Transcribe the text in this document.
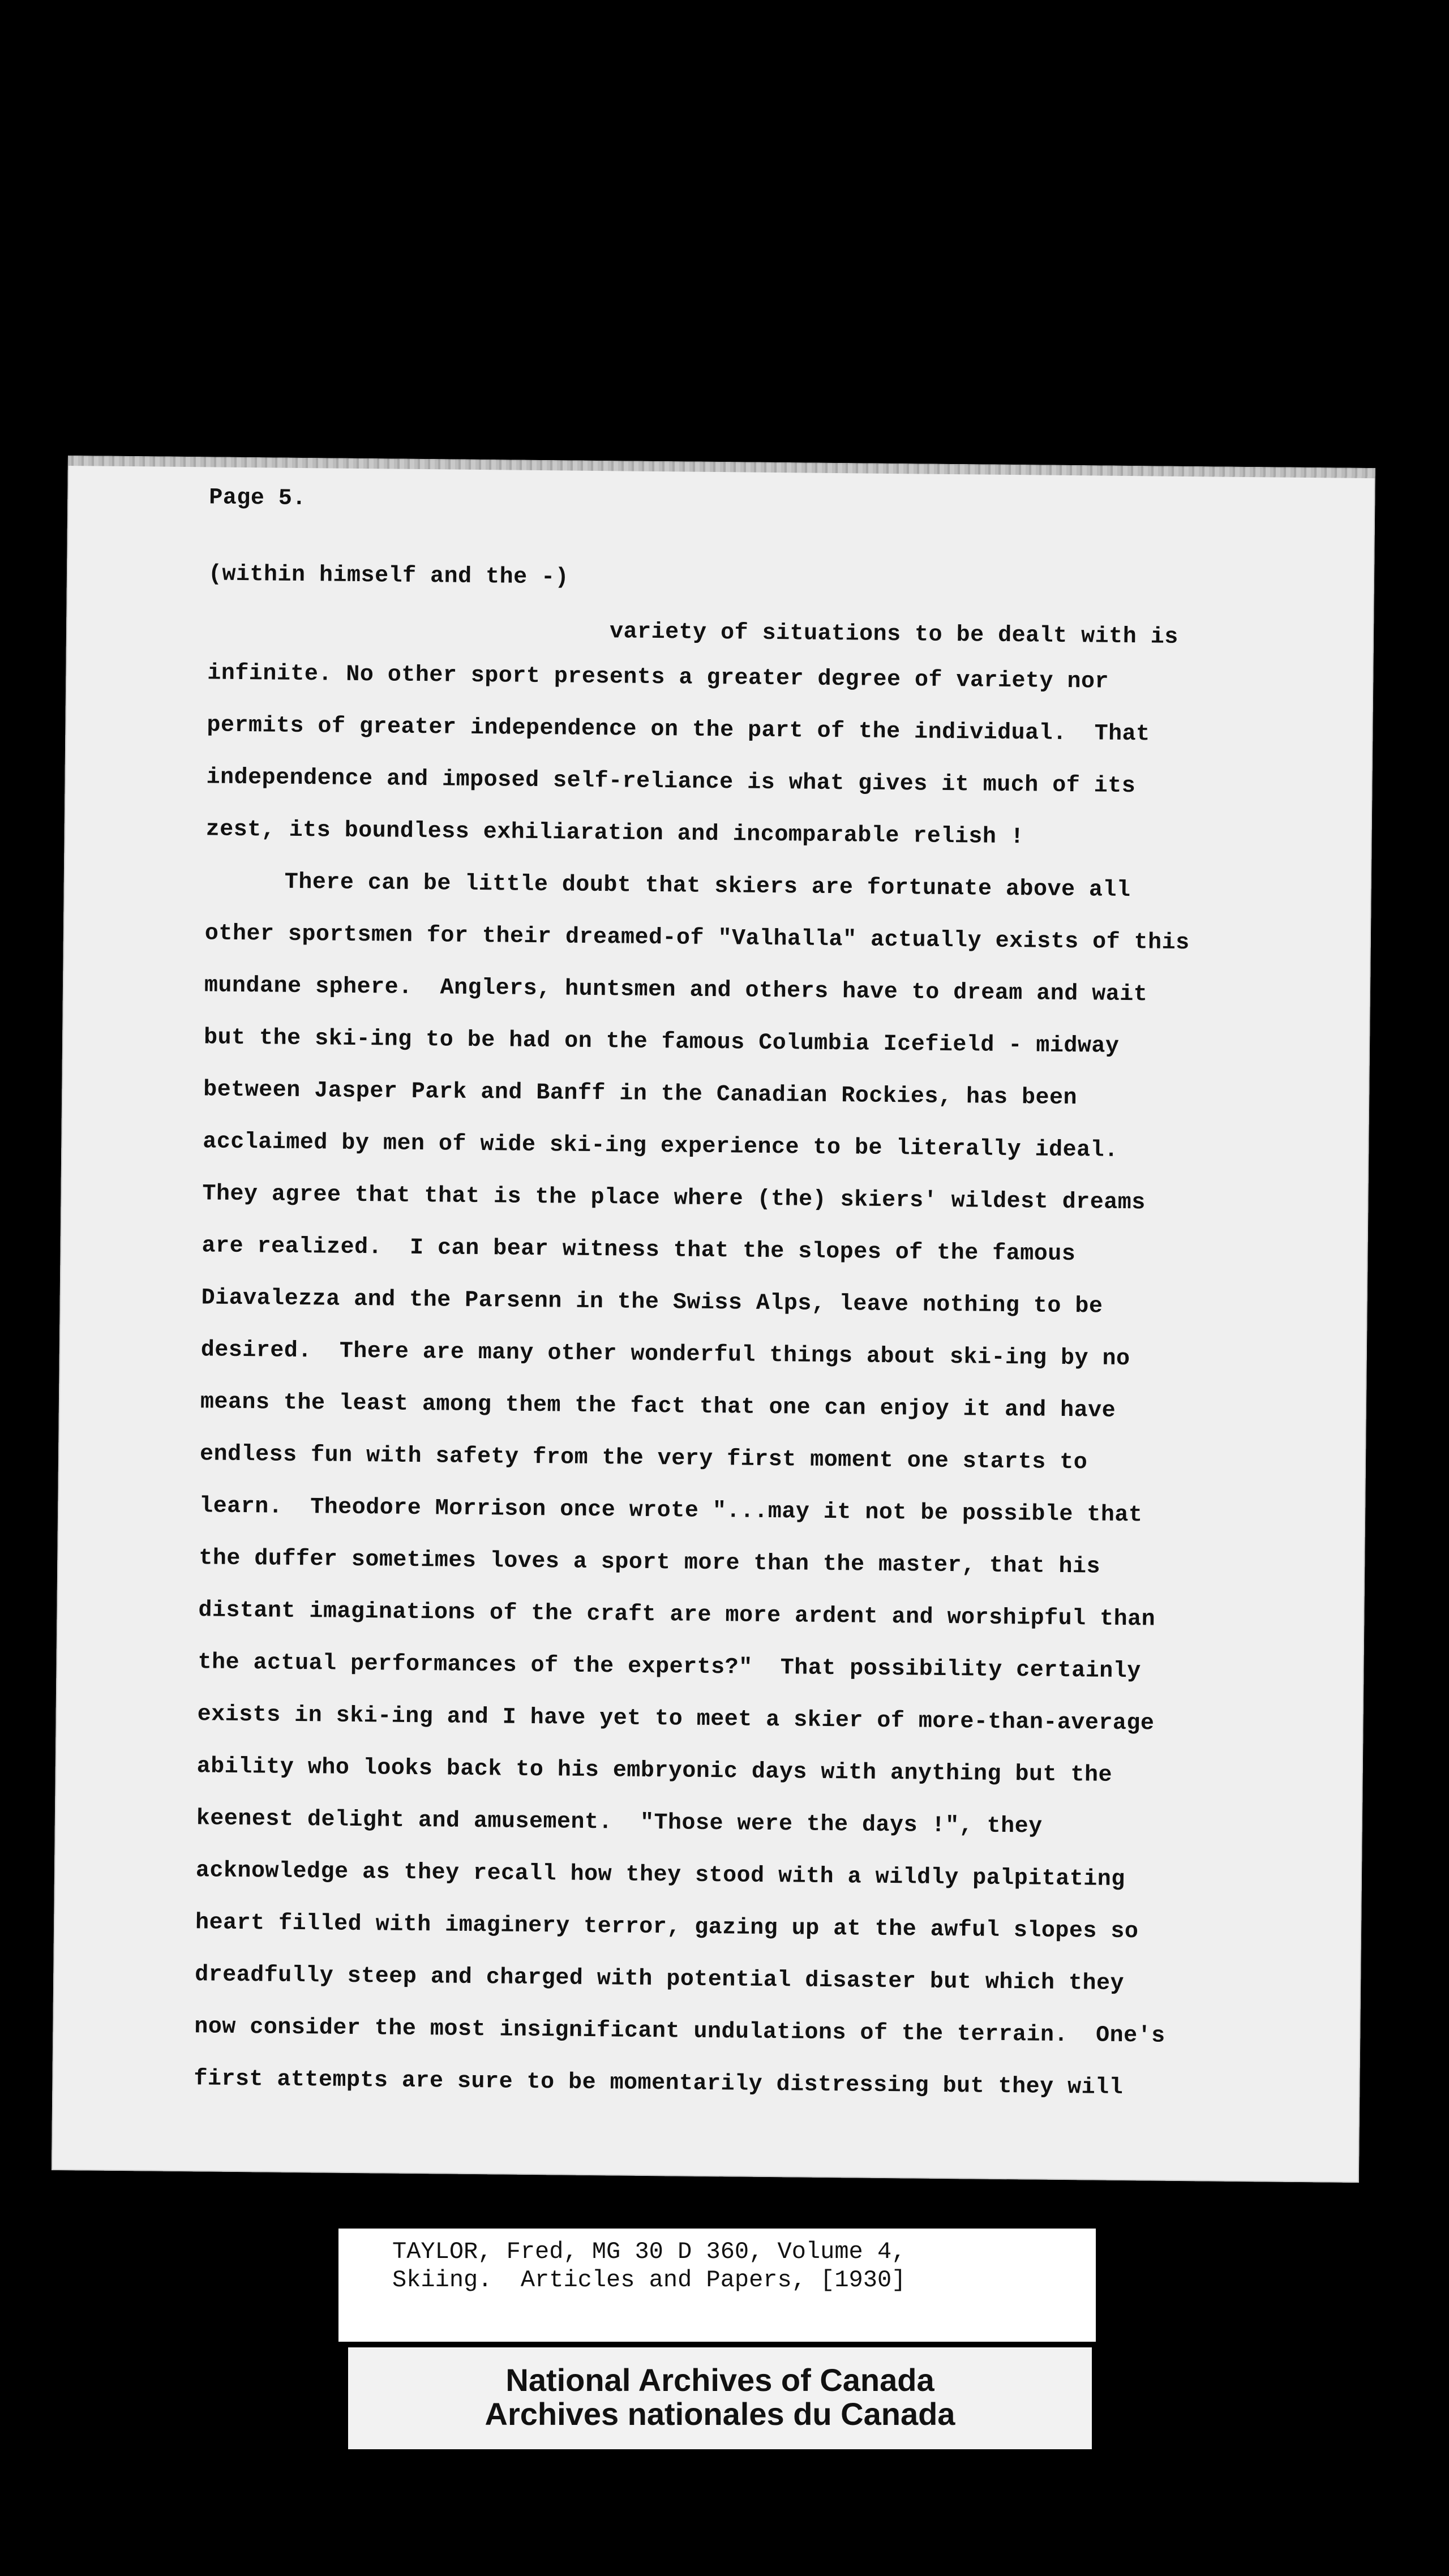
Page 5.
(within himself and the -)
variety of situations to be dealt with is
infinite. No other sport presents a greater degree of variety nor
permits of greater independence on the part of the individual.  That
independence and imposed self-reliance is what gives it much of its
zest, its boundless exhiliaration and incomparable relish !
There can be little doubt that skiers are fortunate above all
other sportsmen for their dreamed-of "Valhalla" actually exists of this
mundane sphere.  Anglers, huntsmen and others have to dream and wait
but the ski-ing to be had on the famous Columbia Icefield - midway
between Jasper Park and Banff in the Canadian Rockies, has been
acclaimed by men of wide ski-ing experience to be literally ideal.
They agree that that is the place where (the) skiers' wildest dreams
are realized.  I can bear witness that the slopes of the famous
Diavalezza and the Parsenn in the Swiss Alps, leave nothing to be
desired.  There are many other wonderful things about ski-ing by no
means the least among them the fact that one can enjoy it and have
endless fun with safety from the very first moment one starts to
learn.  Theodore Morrison once wrote "...may it not be possible that
the duffer sometimes loves a sport more than the master, that his
distant imaginations of the craft are more ardent and worshipful than
the actual performances of the experts?"  That possibility certainly
exists in ski-ing and I have yet to meet a skier of more-than-average
ability who looks back to his embryonic days with anything but the
keenest delight and amusement.  "Those were the days !", they
acknowledge as they recall how they stood with a wildly palpitating
heart filled with imaginery terror, gazing up at the awful slopes so
dreadfully steep and charged with potential disaster but which they
now consider the most insignificant undulations of the terrain.  One's
first attempts are sure to be momentarily distressing but they will
TAYLOR, Fred, MG 30 D 360, Volume 4,
Skiing.  Articles and Papers, [1930]
National Archives of Canada
Archives nationales du Canada
